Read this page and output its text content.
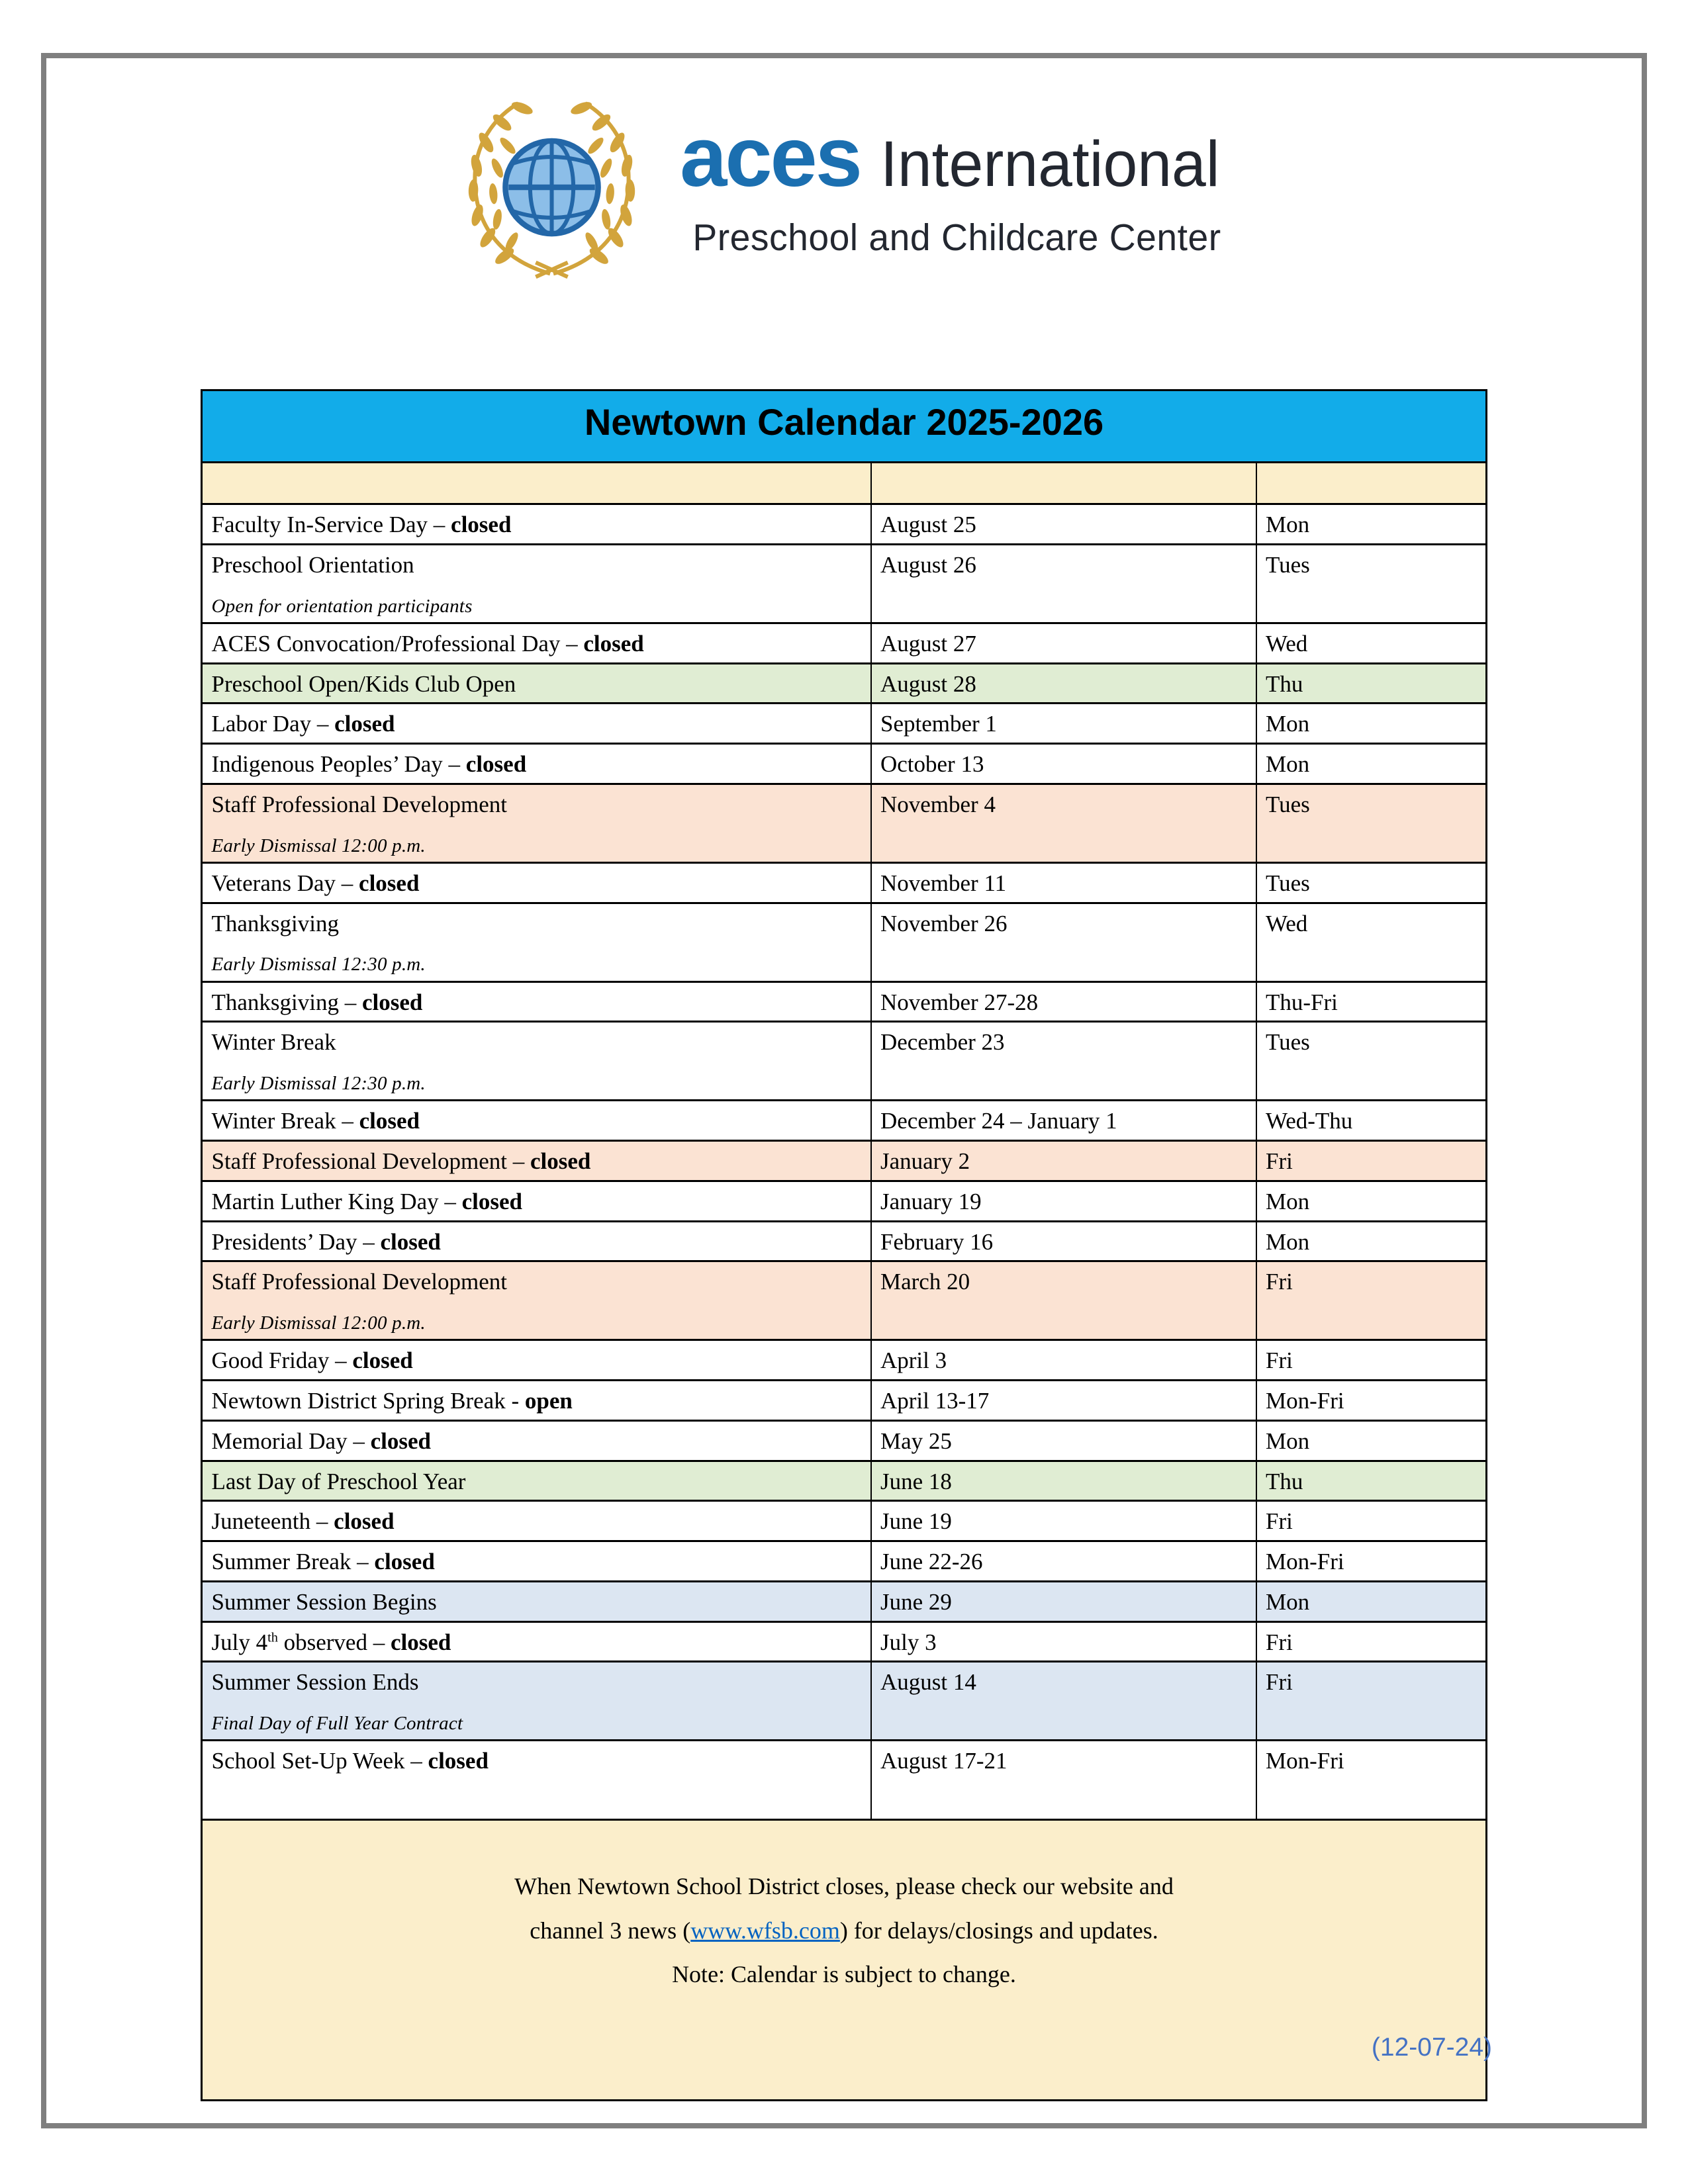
aces International
Preschool and Childcare Center
Newtown Calendar 2025-2026		

Faculty In-Service Day – closed	August 25	Mon

Preschool Orientation
Open for orientation participants	August 26	Tues

ACES Convocation/Professional Day – closed	August 27	Wed

Preschool Open/Kids Club Open	August 28	Thu

Labor Day – closed	September 1	Mon

Indigenous Peoples’ Day – closed	October 13	Mon

Staff Professional Development
Early Dismissal 12:00 p.m.	November 4	Tues

Veterans Day – closed	November 11	Tues

Thanksgiving
Early Dismissal 12:30 p.m.	November 26	Wed

Thanksgiving – closed	November 27-28	Thu-Fri

Winter Break
Early Dismissal 12:30 p.m.	December 23	Tues

Winter Break – closed	December 24 – January 1	Wed-Thu

Staff Professional Development – closed	January 2	Fri

Martin Luther King Day – closed	January 19	Mon

Presidents’ Day – closed	February 16	Mon

Staff Professional Development
Early Dismissal 12:00 p.m.	March 20	Fri

Good Friday – closed	April 3	Fri

Newtown District Spring Break - open	April 13-17	Mon-Fri

Memorial Day – closed	May 25	Mon

Last Day of Preschool Year	June 18	Thu

Juneteenth – closed	June 19	Fri

Summer Break – closed	June 22-26	Mon-Fri

Summer Session Begins	June 29	Mon

July 4th observed – closed	July 3	Fri

Summer Session Ends
Final Day of Full Year Contract	August 14	Fri

School Set-Up Week – closed	August 17-21	Mon-Fri
When Newtown School District closes, please check our website and
channel 3 news (www.wfsb.com) for delays/closings and updates.
Note: Calendar is subject to change.		
(12-07-24)
